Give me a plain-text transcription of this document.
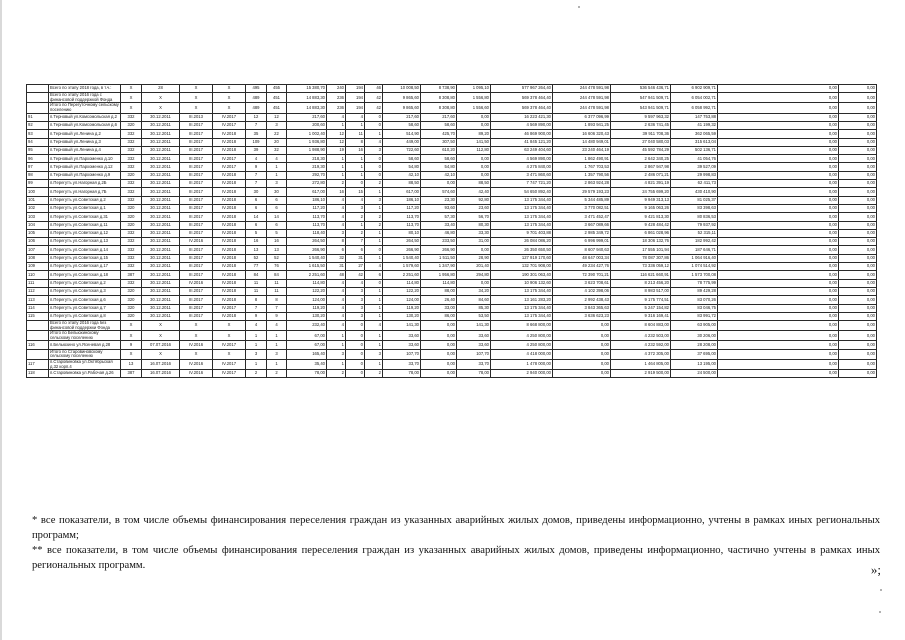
	Всего по этапу 2018 года, в т.ч.:	Х	28	Х	Х	495	455	15 380,70	240	194	46	10 008,50	8 738,90	1 095,10	577 967 264,40	244 478 591,98	536 546 436,71	6 902 909,71	0,00	0,00
	Всего по этапу 2016 года с финансовой поддержкой Фонда	Х	Х	Х	Х	489	451	14 883,30	236	194	42	9 865,60	8 308,80	1 556,80	569 378 464,40	244 478 591,98	547 941 509,71	6 054 002,71	0,00	0,00
	Итого по Перегуточному сельскому поселению	Х	Х	Х	Х	489	451	14 883,30	236	194	42	9 865,60	8 308,80	1 556,60	569 378 464,40	244 478 591,98	543 941 509,71	6 058 992,71	0,00	0,00
91	п.Терновый ул.Комсомольская д.2	332	30.12.2011	III.2013	IV.2017	12	12	217,60	4	4	0	217,60	217,60	0,00	16 223 421,30	6 377 096,99	9 597 963,32	147 753,88	0,00	0,00
92	п.Терновый ул.Комсомольская д.6	320	30.12.2011	III.2017	IV.2017	7	3	200,60	1	1	0	58,60	58,60	0,00	4 569 890,00	1 893 941,25	2 636 741,45	41 199,32	0,00	0,00
93	п.Терновый ул.Ленина д.2	332	30.12.2011	III.2017	IV.2018	35	22	1 002,40	12	11	1	514,90	425,70	89,20	46 869 900,00	16 606 320,43	39 911 708,36	362 065,59	0,00	0,00
94	п.Терновый ул.Ленина д.3	332	30.12.2011	III.2017	IV.2018	109	20	1 936,80	12	8	4	449,00	307,50	141,50	41 845 121,20	14 480 949,01	27 040 580,03	315 613,04	0,00	0,00
95	п.Терновый ул.Ленина д.4	332	30.12.2011	III.2017	IV.2018	39	32	1 988,90	19	16	3	722,60	610,20	112,80	63 249 404,60	23 240 464,19	45 592 784,29	502 136,71	0,00	0,00
96	п.Терновый ул.Пархоменко д.10	332	30.12.2011	III.2017	IV.2017	4	4	218,30	1	1	0	58,60	58,60	0,00	4 569 890,00	1 862 490,91	2 642 340,25	41 054,76	0,00	0,00
97	п.Терновый ул.Пархоменко д.12	332	30.12.2011	III.2017	IV.2017	9	1	219,30	1	1	0	54,80	54,80	0,00	4 275 840,00	1 767 703,53	2 867 947,98	39 527,09	0,00	0,00
98	п.Терновый ул.Пархоменко д.9	320	30.12.2011	III.2017	IV.2018	7	1	292,70	1	1	0	42,10	42,10	0,00	3 471 860,60	1 357 790,56	2 486 071,21	29 998,83	0,00	0,00
99	п.Перегутъ ул.Нагорная д.2Б	332	30.12.2011	III.2017	IV.2018	7	3	272,80	2	0	2	88,50	0,00	88,50	7 747 721,20	2 863 924,28	4 821 391,19	62 411,73	0,00	0,00
100	п.Перегутъ ул.Нагорная д.7Б	332	30.12.2011	III.2017	IV.2018	30	30	617,00	16	15	1	617,00	574,60	42,40	54 650 892,40	29 579 193,23	24 755 699,20	430 410,90	0,00	0,00
101	п.Перегутъ ул.Советская д.2	332	30.12.2011	III.2017	IV.2018	6	6	186,10	4	4	3	186,10	23,30	92,80	13 175 344,40	5 344 485,89	9 949 313,13	81 025,37	0,00	0,00
102	п.Перегутъ ул.Советская д.1	320	30.12.2011	III.2017	IV.2018	6	6	117,20	4	3	1	117,20	93,60	23,60	13 175 344,40	3 770 082,51	9 165 063,26	83 398,63	0,00	0,00
103	п.Перегутъ ул.Советская д.31	320	30.12.2011	III.2017	IV.2018	14	14	113,70	4	2	2	113,70	57,30	56,70	13 175 344,40	3 471 452,47	9 421 813,30	80 836,53	0,00	0,00
104	п.Перегутъ ул.Советская д.11	320	30.12.2011	III.2017	IV.2018	6	6	113,70	4	1	2	113,70	33,40	80,30	13 175 344,40	3 667 089,66	9 428 484,42	79 937,92	0,00	0,00
105	п.Перегутъ ул.Советская д.12	332	30.12.2011	III.2017	IV.2018	5	5	118,40	3	2	1	80,10	46,80	33,30	9 701 403,88	2 985 349,72	6 861 028,96	52 315,11	0,00	0,00
106	п.Перегутъ ул.Советская д.13	332	30.12.2011	IV.2016	IV.2018	16	16	264,50	8	7	1	264,50	233,50	31,00	26 084 086,20	6 996 999,01	18 306 132,76	182 992,42	0,00	0,00
107	п.Перегутъ ул.Советская д.14	332	30.12.2011	III.2017	IV.2018	13	13	266,90	6	6	0	266,90	266,90	0,00	26 350 650,50	8 607 940,63	17 555 101,94	187 646,71	0,00	0,00
108	п.Перегутъ ул.Советская д.15	332	30.12.2011	III.2017	IV.2018	52	52	1 540,40	32	31	1	1 540,40	1 511,50	28,90	127 919 170,60	48 647 003,34	78 087 307,86	1 064 916,40	0,00	0,00
109	п.Перегутъ ул.Советская д.17	332	30.12.2011	III.2017	IV.2018	77	76	1 615,50	31	27	4	1 579,60	1 347,90	201,40	132 701 908,00	49 234 427,76	73 336 059,12	1 074 514,92	0,00	0,00
110	п.Перегутъ ул.Советская д.18	387	30.12.2011	III.2017	IV.2018	84	84	2 251,60	48	42	6	2 251,60	1 956,80	294,80	190 301 063,40	72 390 701,21	116 621 660,91	1 573 700,08	0,00	0,00
111	п.Перегутъ ул.Советская д.2	332	30.12.2011	IV.2016	IV.2018	11	11	114,80	4	4	0	114,80	114,80	0,00	10 906 132,60	3 623 708,61	8 213 456,20	78 775,99	0,00	0,00
112	п.Перегутъ ул.Советская д.3	320	30.12.2011	III.2017	IV.2018	11	11	122,20	4	3	1	122,20	88,00	34,20	13 175 344,40	4 102 398,06	8 983 517,00	89 429,28	0,00	0,00
113	п.Перегутъ ул.Советская д.6	320	30.12.2011	III.2017	IV.2018	8	8	124,00	4	3	1	124,00	26,40	84,60	13 161 283,20	2 992 438,43	9 175 774,51	83 070,26	0,00	0,00
114	п.Перегутъ ул.Советская д.7	320	30.12.2011	III.2017	IV.2017	7	7	119,20	4	3	1	119,20	33,00	85,30	13 175 344,40	3 843 365,63	5 247 154,82	83 046,75	0,00	0,00
115	п.Перегутъ ул.Советская д.8	320	30.12.2011	III.2017	IV.2018	9	9	130,20	4	3	1	130,20	86,00	53,50	13 175 344,40	3 636 623,23	9 316 169,41	83 991,72	0,00	0,00
	Всего по этапу 2016 года без финансовой поддержки Фонда	Х	Х	Х	Х	4	4	232,40	4	0	4	141,30	0,00	141,30	8 668 800,00	0,00	8 604 883,00	63 905,00	0,00	0,00
	Итого по Бельюхинскому сельскому поселению	Х	Х	Х	Х	1	1	67,00	1	0	1	33,60	0,00	33,60	4 250 800,00	0,00	4 232 503,00	30 206,00	0,00	0,00
116	п.Бельюхино ул.Ясеневая д.28	9	07.07.2016	IV.2016	IV.2017	1	1	67,00	1	0	1	33,60	0,00	33,60	4 250 800,00	0,00	4 232 592,00	28 208,00	0,00	0,00
	Итого по Старовиновскому сельскому поселению	Х	Х	Х	Х	3	3	165,40	3	0	3	107,70	0,00	107,70	4 418 000,00	0,00	4 372 305,00	37 695,00	0,00	0,00
117	п.Старовиновка ул.Октябрьская д.32 корп.4	13	16.07.2016	IV.2016	IV.2017	1	1	35,40	1	0	1	33,70	0,00	33,70	1 478 000,00	0,00	1 464 805,00	13 195,00	0,00	0,00
118	п.Старовиновка ул.Рабочая д.26	387	16.07.2016	IV.2016	IV.2017	2	2	78,00	2	0	2	78,00	0,00	78,00	2 940 000,00	0,00	2 919 500,00	24 500,00	0,00	0,00

* все показатели, в том числе объемы финансирования переселения граждан из указанных аварийных жилых домов, приведены информационно, учтены в рамках иных региональных программ;

** все показатели, в том числе объемы финансирования переселения граждан из указанных аварийных жилых домов, приведены информационно, частично учтены в рамках иных региональных программ.	»;
